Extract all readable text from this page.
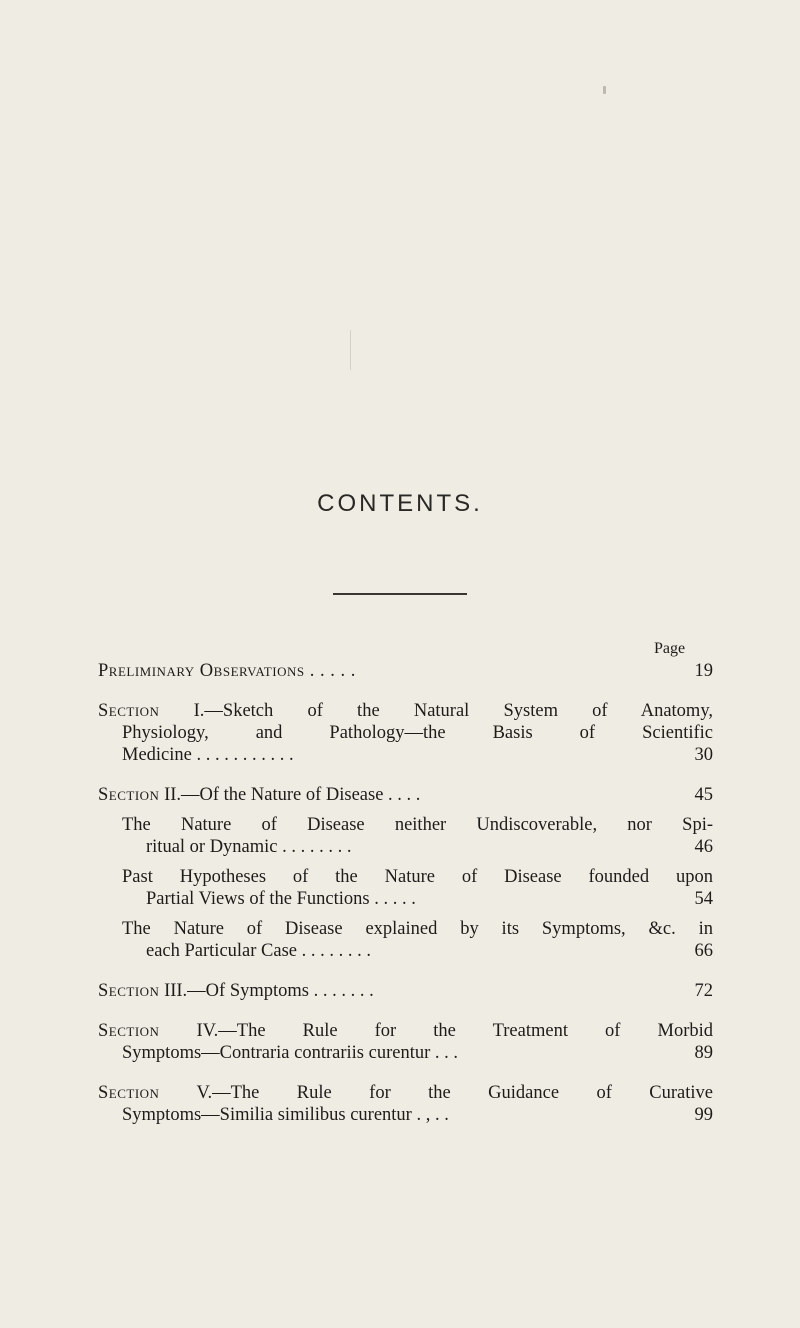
CONTENTS.
Page
Preliminary Observations . . . . .	19
Section I.—Sketch of the Natural System of Anatomy,
Physiology, and Pathology—the Basis of Scientific
Medicine . . . . . . . . . . .	30
Section II.—Of the Nature of Disease . . . .	45
The Nature of Disease neither Undiscoverable, nor Spi-
ritual or Dynamic . . . . . . . .	46
Past Hypotheses of the Nature of Disease founded upon
Partial Views of the Functions . . . . .	54
The Nature of Disease explained by its Symptoms, &c. in
each Particular Case . . . . . . . .	66
Section III.—Of Symptoms . . . . . . .	72
Section IV.—The Rule for the Treatment of Morbid
Symptoms—Contraria contrariis curentur . . .	89
Section V.—The Rule for the Guidance of Curative
Symptoms—Similia similibus curentur . , . .	99
